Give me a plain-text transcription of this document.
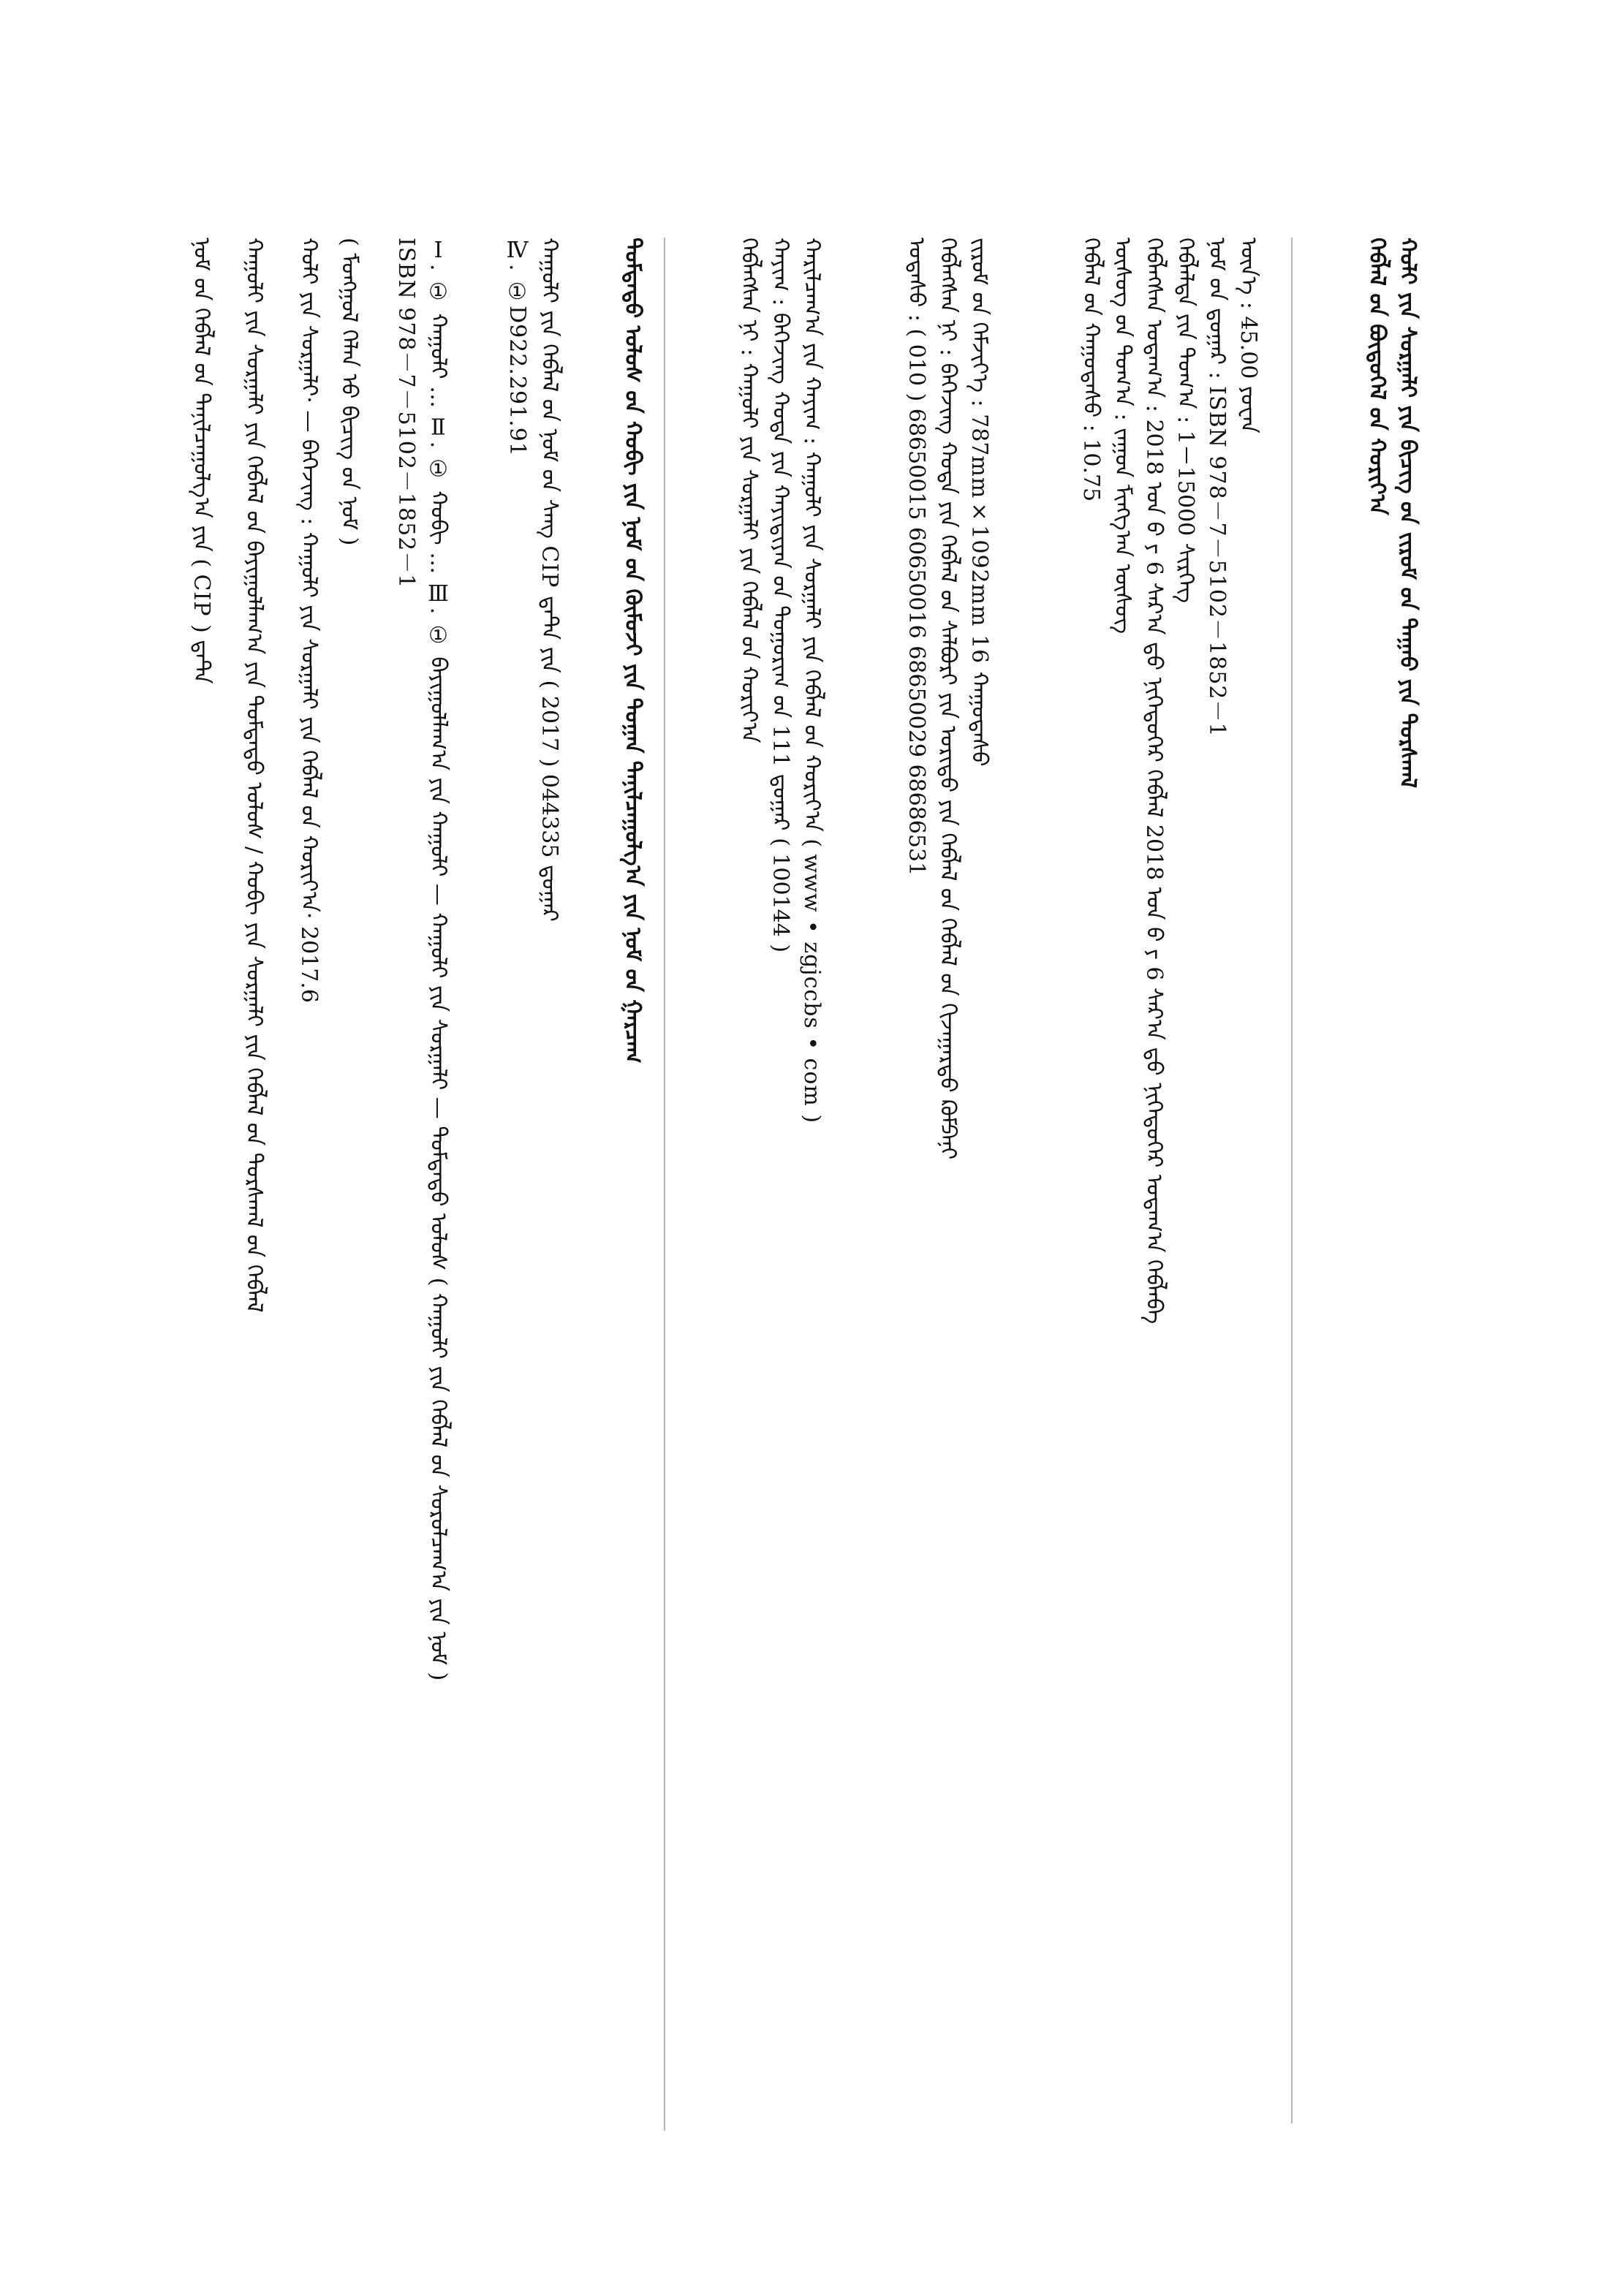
ᠬᠤᠯᠢ ᠶᠢᠨ ᠰᠤᠷᠭᠠᠯᠢ ᠶᠢᠨ ᠪᠢᠴᠢᠭ ᠤ᠋ᠨ ᠵᠢᠷᠤᠮ ᠤ᠋ᠨ ᠳᠠᠭᠠᠤ ᠶᠢᠨ ᠳᠤᠷᠰᠬᠠᠯ
ᠬᠡᠪᠯᠡᠯ ᠦ᠋ᠨ ᠪᠦᠲᠦᠭᠡᠯ ᠤ᠋ᠨ ᠬᠣᠷᠢᠶ᠎ᠠ
ᠦᠨ᠎ᠡ : 45.00 ᠶᠤᠸᠠᠨ
ᠨᠣᠮ ᠤ᠋ᠨ ᠳ᠋ᠤᠭᠠᠷ : ISBN 978－7－5102－1852－1
ᠬᠡᠪᠯᠡᠯᠲᠡ ᠶᠢᠨ ᠲᠣᠭ᠎ᠠ : 1－15000 ᠰᠢᠷᠬᠡᠭ
ᠬᠡᠪᠯᠡᠭᠰᠡᠨ ᠤᠳᠠᠭ᠎ᠠ : 2018 ᠣᠨ ᠤ᠋ ᠶ 6 ᠰᠠᠷ᠎ᠠ ᠳ᠋ᠤ᠌ ᠨᠢᠭᠡᠳᠦᠭᠡᠷ ᠬᠡᠪᠯᠡᠯ 2018 ᠣᠨ ᠤ᠋ ᠶ 6 ᠰᠠᠷ᠎ᠠ ᠳ᠋ᠤ᠌ ᠨᠢᠭᠡᠳᠦᠭᠡᠷ ᠤᠳᠠᠭ᠎ᠠ ᠬᠡᠪᠯᠡᠪᠡ
ᠦᠰᠦᠭ ᠤ᠋ᠨ ᠲᠣᠭ᠎ᠠ : ᠵᠠᠭᠤᠨ ᠮᠢᠩᠭ᠎ᠠᠨ ᠦᠰᠦᠭ
ᠬᠡᠪᠯᠡᠯ ᠦ᠋ᠨ ᠬᠠᠭᠤᠳᠠᠰᠤ : 10.75
ᠵᠢᠷᠤᠮ ᠤ᠋ᠨ ᠬᠡᠮᠵᠢᠶ᠎ᠡ : 787mm×1092mm 16 ᠬᠠᠭᠤᠳᠠᠰᠤ
ᠬᠡᠪᠯᠡᠭᠰᠡᠨ ᠨᠢ : ᠪᠡᠭᠡᠵᠢᠩ ᠬᠣᠲᠠ ᠶᠢᠨ ᠬᠡᠪᠯᠡᠯ ᠦ᠋ᠨ ᠰᠠᠯᠪᠤᠷᠢ ᠶᠢᠨ ᠤᠷᠢᠳᠤ ᠶᠢᠨ ᠬᠡᠪᠯᠡᠯ ᠦ᠋ᠨ ᠬᠡᠪᠯᠡᠯ ᠦ᠋ᠨ ᠬᠢᠵᠠᠭᠠᠷᠲᠤ ᠺᠣᠮᠫᠠᠨᠢ
ᠤᠲᠠᠰᠤ : ( 010 ) 68650015 60650016 68650029 68686531
ᠬᠠᠷᠢᠯᠴᠠᠭ᠎ᠠ ᠶᠢᠨ ᠬᠠᠶᠢᠭ : ᠬᠠᠭᠤᠯᠢ ᠶᠢᠨ ᠰᠤᠷᠭᠠᠯᠢ ᠶᠢᠨ ᠬᠡᠪᠯᠡᠯ ᠦ᠋ᠨ ᠬᠣᠷᠢᠶ᠎ᠠ ( www • zgjccbs • com )
ᠬᠠᠶᠢᠭ : ᠪᠡᠭᠡᠵᠢᠩ ᠬᠣᠲᠠ ᠶᠢᠨ ᠬᠠᠶᠢᠳᠢᠶᠠᠨ ᠤ᠋ᠨ ᠲᠣᠭᠣᠷᠢᠭ ᠤ᠋ᠨ 111 ᠳ᠋ᠤᠭᠠᠷ ( 100144 )
ᠬᠡᠪᠯᠡᠭᠰᠡᠨ ᠨᠢ : ᠬᠠᠭᠤᠯᠢ ᠶᠢᠨ ᠰᠤᠷᠭᠠᠯᠢ ᠶᠢᠨ ᠬᠡᠪᠯᠡᠯ ᠦ᠋ᠨ ᠬᠣᠷᠢᠶ᠎ᠠ
ᠳᠤᠮᠳᠠᠳᠤ ᠤᠯᠤᠰ ᠤ᠋ᠨ ᠬᠤᠪᠢ ᠶᠢᠨ ᠨᠣᠮ ᠤ᠋ᠨ ᠬᠦᠮᠦᠵᠢ ᠶᠢᠨ ᠲᠣᠭᠠᠨ ᠲᠠᠨᠢᠯᠴᠠᠭᠤᠯᠭ᠎ᠠ ᠶᠢᠨ ᠨᠣᠮ ᠤ᠋ᠨ ᠭᠠᠷᠴᠠᠭ
ᠬᠠᠭᠤᠯᠢ ᠶᠢᠨ ᠬᠡᠪᠯᠡᠯ ᠦ᠋ᠨ ᠨᠣᠮ ᠤ᠋ᠨ ᠰᠠᠩ CIP ᠳ᠋ᠠᠲ᠋ᠠ ᠶᠢᠨ ( 2017 ) 044335 ᠳ᠋ᠤᠭᠠᠷ
Ⅳ. ①D922.291.91
Ⅰ. ① ᠬᠠᠭᠤᠯᠢ … Ⅱ. ① ᠬᠤᠪᠢ … Ⅲ. ① ᠪᠠᠶᠢᠭᠤᠯᠯᠠᠭ᠎ᠠ ᠶᠢᠨ ᠬᠠᠭᠤᠯᠢ — ᠬᠠᠭᠤᠯᠢ ᠶᠢᠨ ᠰᠤᠷᠭᠠᠯᠢ — ᠳᠤᠮᠳᠠᠳᠤ ᠤᠯᠤᠰ ( ᠬᠠᠭᠤᠯᠢ ᠶᠢᠨ ᠬᠡᠪᠯᠡᠯ ᠦ᠋ᠨ ᠰᠤᠷᠤᠯᠴᠠᠭ᠎ᠠ ᠶᠢᠨ ᠨᠣᠮ )
ISBN 978－7－5102－1852－1
( ᠮᠣᠩᠭᠣᠯ ᠬᠡᠯᠡᠨ ᠦ᠋ ᠪᠢᠴᠢᠭ ᠦ᠋ᠨ ᠨᠣᠮ )
ᠬᠤᠯᠢ ᠶᠢᠨ ᠰᠤᠷᠭᠠᠯᠢ· — ᠪᠡᠭᠡᠵᠢᠩ : ᠬᠠᠭᠤᠯᠢ ᠶᠢᠨ ᠰᠤᠷᠭᠠᠯᠢ ᠶᠢᠨ ᠬᠡᠪᠯᠡᠯ ᠦ᠋ᠨ ᠬᠣᠷᠢᠶ᠎ᠠ· 2017.6
ᠬᠠᠭᠤᠯᠢ ᠶᠢᠨ ᠰᠤᠷᠭᠠᠯᠢ ᠶᠢᠨ ᠬᠡᠪᠯᠡᠯ ᠦ᠋ᠨ ᠪᠠᠶᠢᠭᠤᠯᠯᠠᠭ᠎ᠠ ᠶᠢᠨ ᠳᠤᠮᠳᠠᠳᠤ ᠤᠯᠤᠰ / ᠬᠤᠪᠢ ᠶᠢᠨ ᠰᠤᠷᠭᠠᠯᠢ ᠶᠢᠨ ᠬᠡᠪᠯᠡᠯ ᠦ᠋ᠨ ᠳᠤᠷᠰᠬᠠᠯ ᠤ᠋ᠨ ᠬᠡᠪᠯᠡᠯ
ᠨᠣᠮ ᠤ᠋ᠨ ᠬᠡᠪᠯᠡᠯ ᠦ᠋ᠨ ᠲᠠᠨᠢᠯᠴᠠᠭᠤᠯᠭ᠎ᠠ ᠶᠢᠨ ( CIP ) ᠳ᠋ᠠᠲ᠋ᠠ
